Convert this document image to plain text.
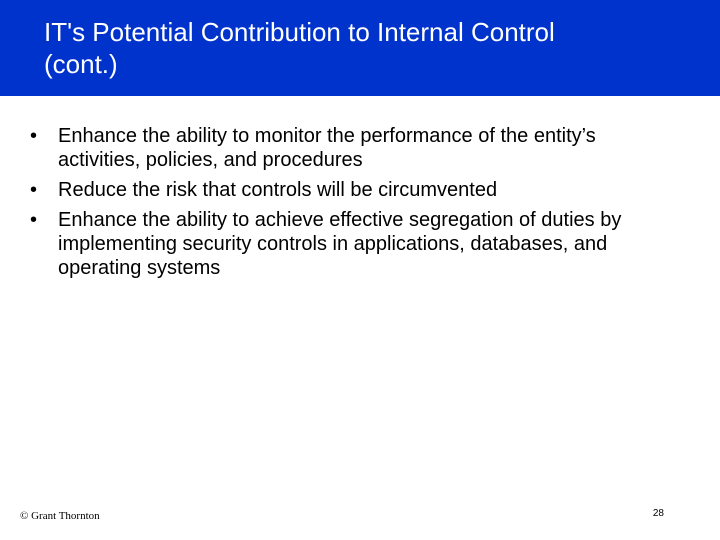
IT's Potential Contribution to Internal Control
(cont.)
•	Enhance the ability to monitor the performance of the entity’s activities, policies, and procedures
•	Reduce the risk that controls will be circumvented
•	Enhance the ability to achieve effective segregation of duties by implementing security controls in applications, databases, and operating systems
© Grant Thornton	28
